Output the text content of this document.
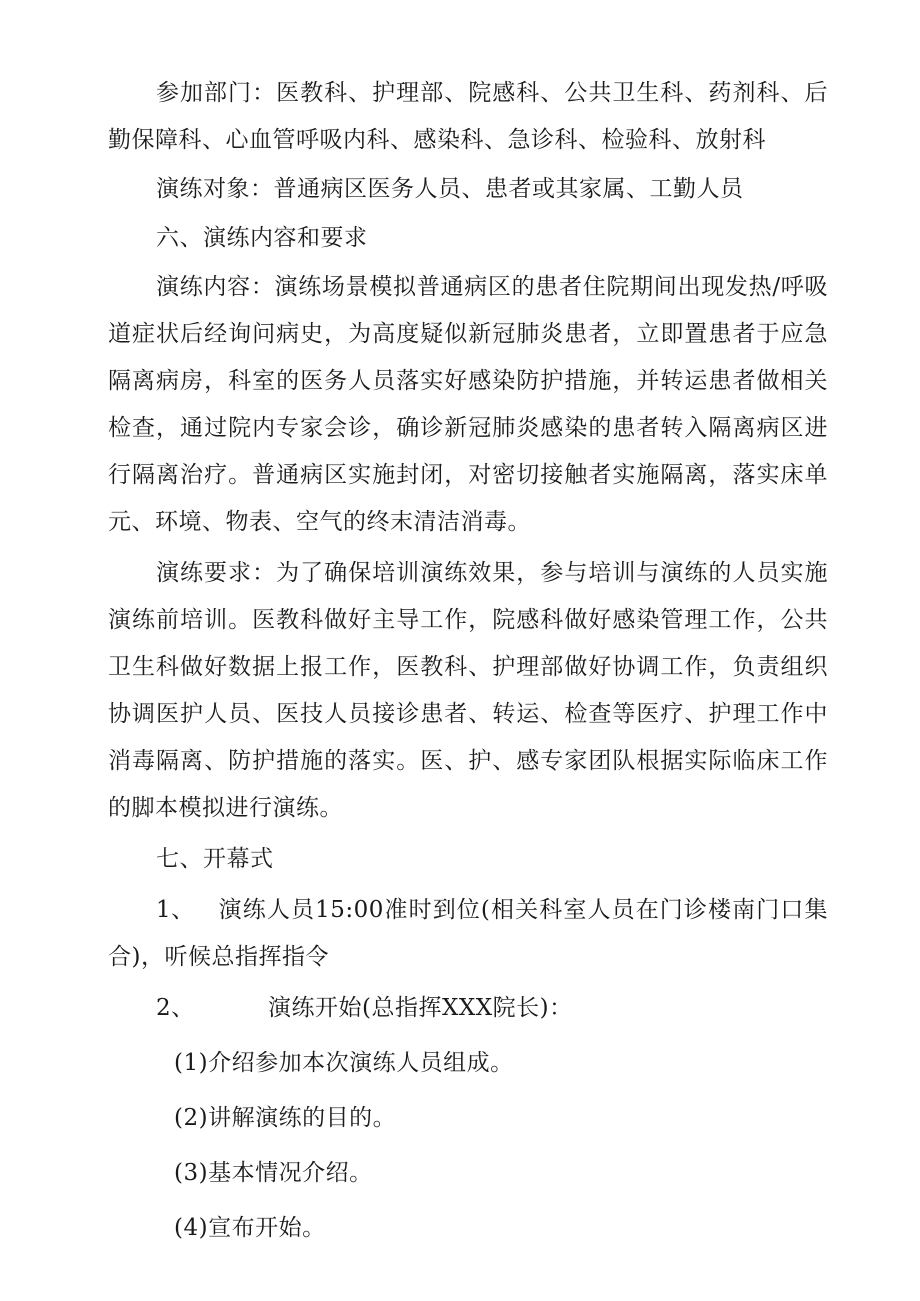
参加部门：医教科、护理部、院感科、公共卫生科、药剂科、后勤保障科、心血管呼吸内科、感染科、急诊科、检验科、放射科

演练对象：普通病区医务人员、患者或其家属、工勤人员

六、演练内容和要求

演练内容：演练场景模拟普通病区的患者住院期间出现发热/呼吸道症状后经询问病史，为高度疑似新冠肺炎患者，立即置患者于应急隔离病房，科室的医务人员落实好感染防护措施，并转运患者做相关检查，通过院内专家会诊，确诊新冠肺炎感染的患者转入隔离病区进行隔离治疗。普通病区实施封闭，对密切接触者实施隔离，落实床单元、环境、物表、空气的终末清洁消毒。

演练要求：为了确保培训演练效果，参与培训与演练的人员实施演练前培训。医教科做好主导工作，院感科做好感染管理工作，公共卫生科做好数据上报工作，医教科、护理部做好协调工作，负责组织协调医护人员、医技人员接诊患者、转运、检查等医疗、护理工作中消毒隔离、防护措施的落实。医、护、感专家团队根据实际临床工作的脚本模拟进行演练。

七、开幕式

1、 演练人员15:00准时到位(相关科室人员在门诊楼南门口集合)，听候总指挥指令

2、	演练开始(总指挥XXX院长)：

(1)介绍参加本次演练人员组成。

(2)讲解演练的目的。

(3)基本情况介绍。

(4)宣布开始。
